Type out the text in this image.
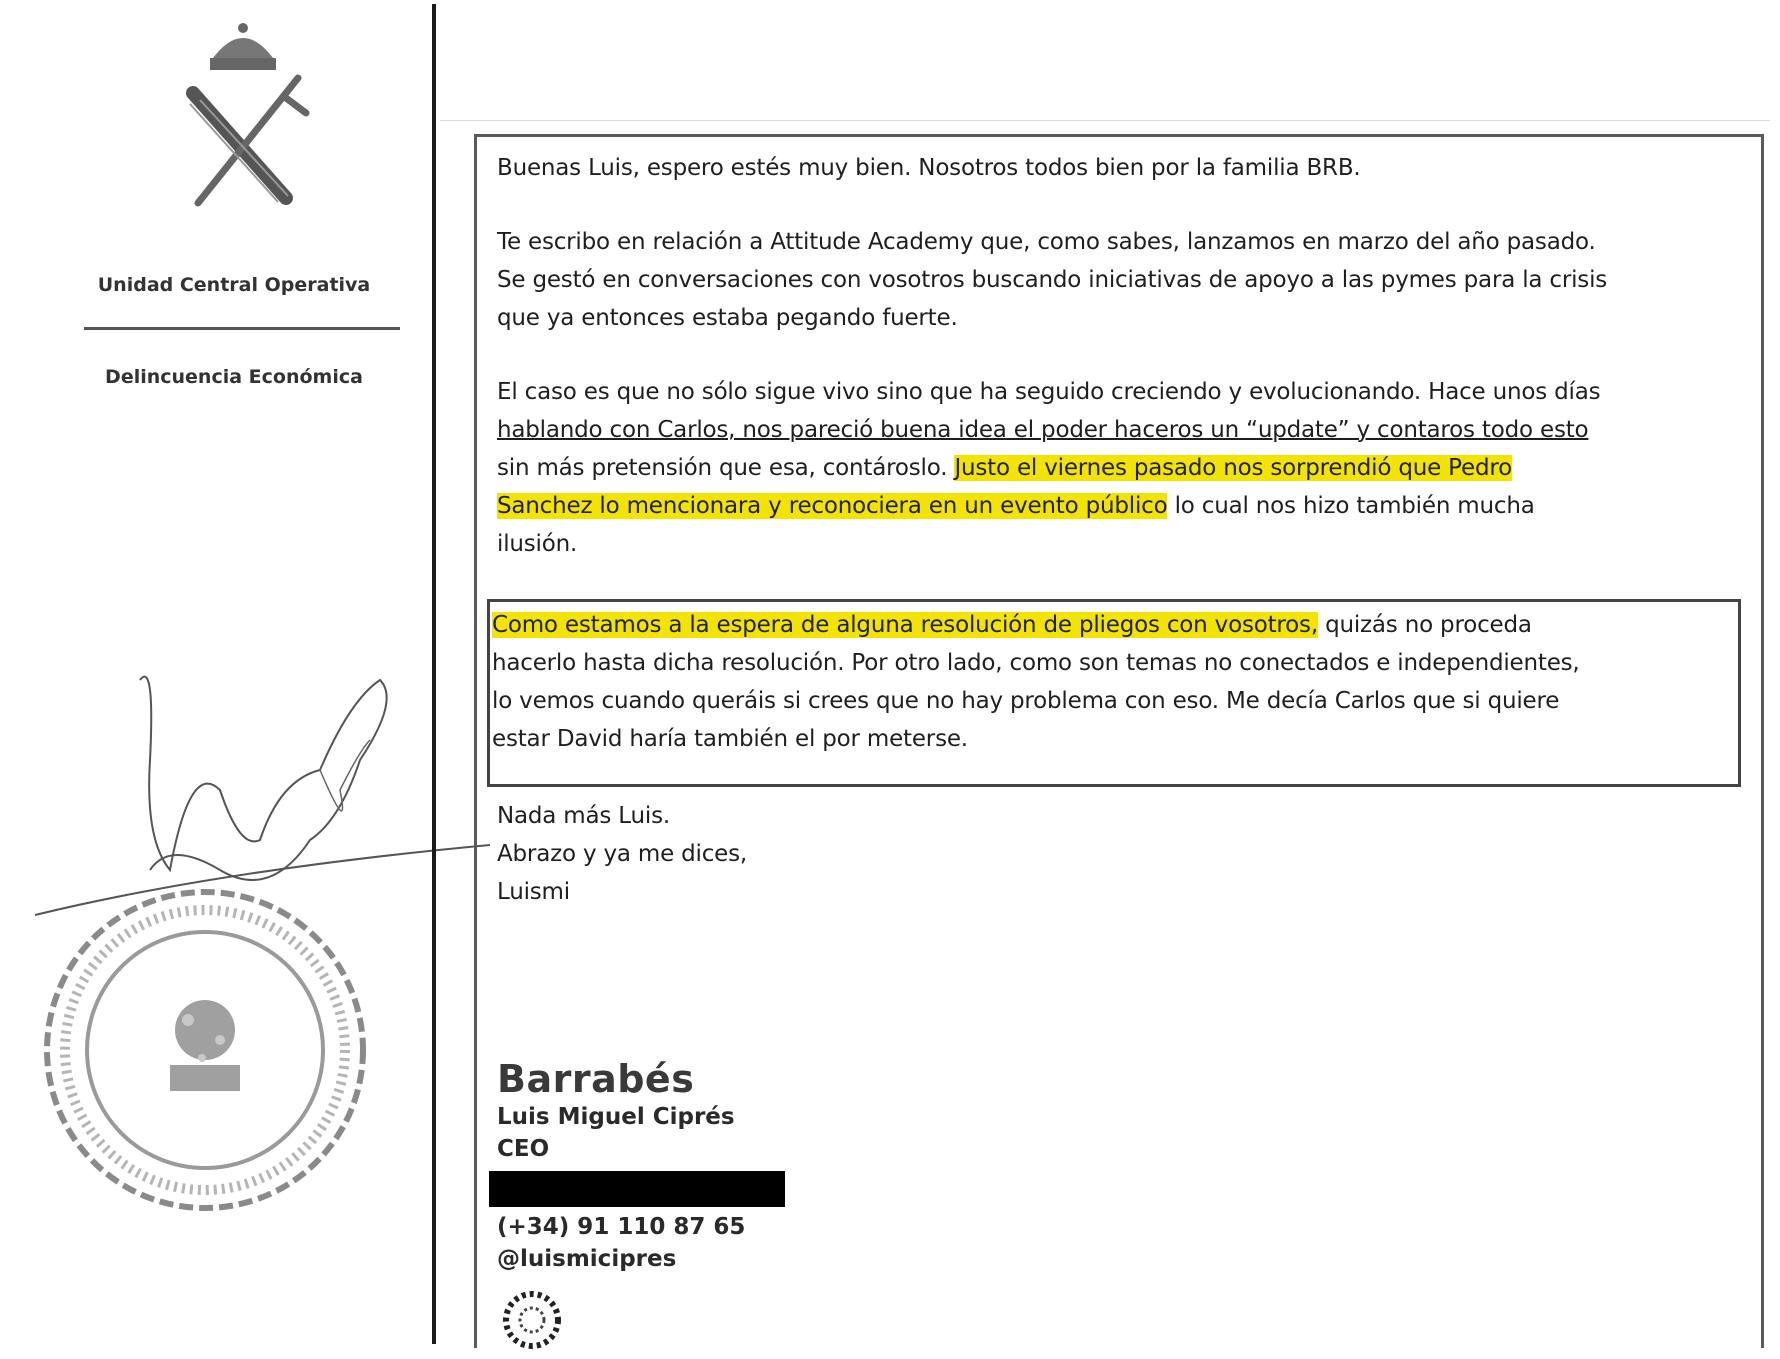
Unidad Central Operativa
Delincuencia Económica

Buenas Luis, espero estés muy bien. Nosotros todos bien por la familia BRB.

Te escribo en relación a Attitude Academy que, como sabes, lanzamos en marzo del año pasado.
Se gestó en conversaciones con vosotros buscando iniciativas de apoyo a las pymes para la crisis
que ya entonces estaba pegando fuerte.

El caso es que no sólo sigue vivo sino que ha seguido creciendo y evolucionando. Hace unos días
hablando con Carlos, nos pareció buena idea el poder haceros un “update” y contaros todo esto
sin más pretensión que esa, contároslo. Justo el viernes pasado nos sorprendió que Pedro
Sanchez lo mencionara y reconociera en un evento público lo cual nos hizo también mucha
ilusión.

Como estamos a la espera de alguna resolución de pliegos con vosotros, quizás no proceda
hacerlo hasta dicha resolución. Por otro lado, como son temas no conectados e independientes,
lo vemos cuando queráis si crees que no hay problema con eso. Me decía Carlos que si quiere
estar David haría también el por meterse.

Nada más Luis.
Abrazo y ya me dices,
Luismi

Barrabés

Luis Miguel Ciprés

CEO

(+34) 91 110 87 65

@luismicipres
